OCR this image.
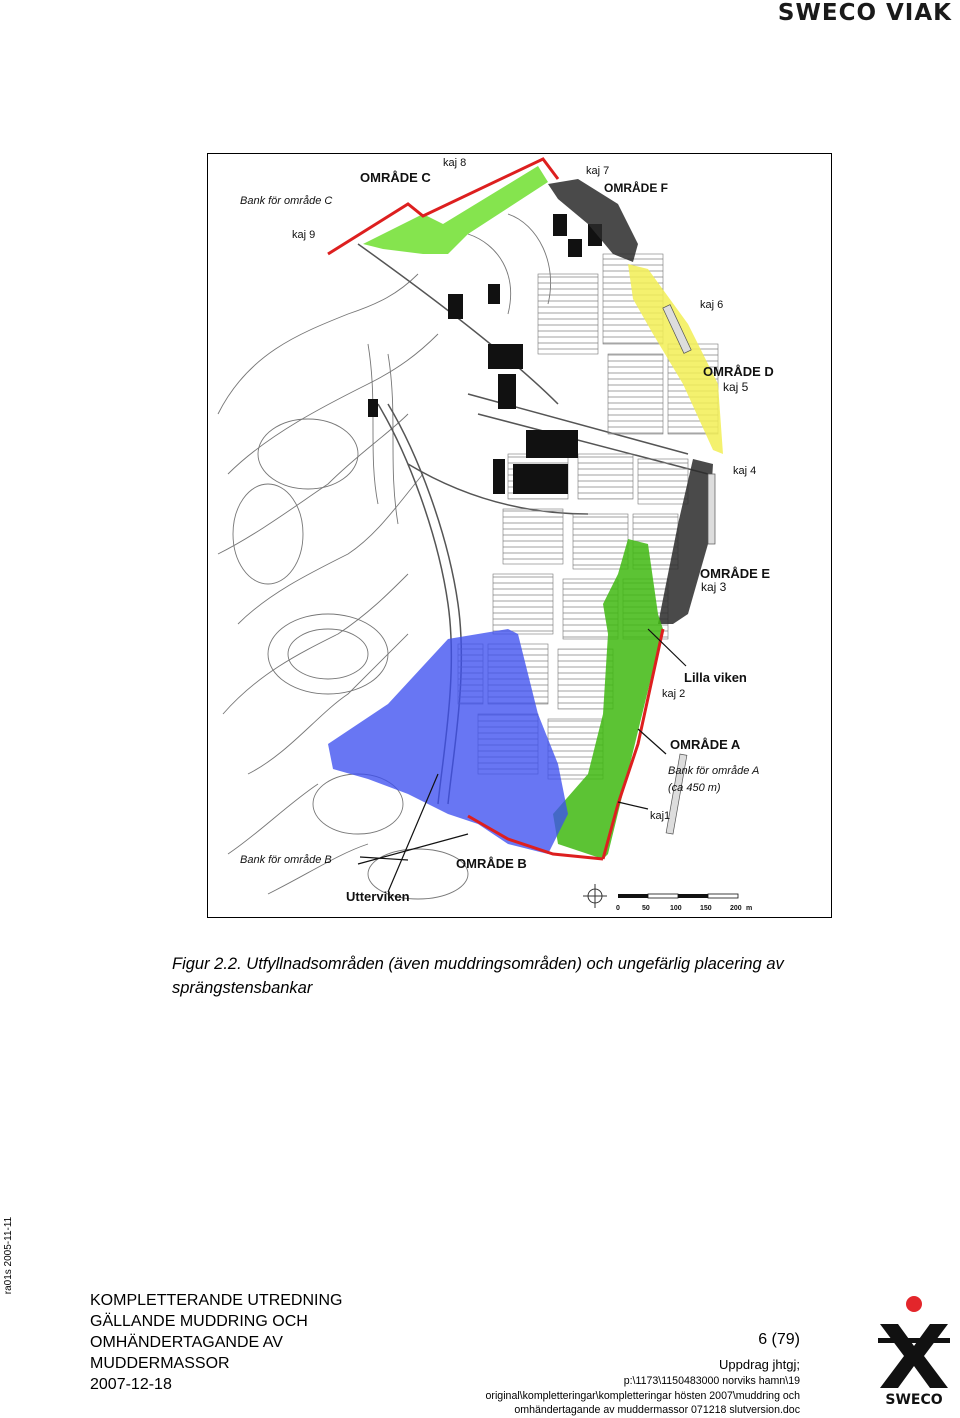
SWECO VIAK
OMRÅDE C
kaj 8
kaj 7
OMRÅDE F
Bank för område C
kaj 9
kaj 6
OMRÅDE D
kaj 5
kaj 4
OMRÅDE E
kaj 3
Lilla viken
kaj 2
OMRÅDE A
Bank för område A
(ca 450 m)
kaj1
Bank för område B	OMRÅDE B
Utterviken
0	50	100	150	200 m
Figur 2.2. Utfyllnadsområden (även muddringsområden) och ungefärlig placering av
sprängstensbankar
ra01s 2005-11-11
KOMPLETTERANDE UTREDNING
GÄLLANDE MUDDRING OCH
OMHÄNDERTAGANDE AV
MUDDERMASSOR
2007-12-18
6 (79)
Uppdrag jhtgj;
p:\1173\1150483000 norviks hamn\19
original\kompletteringar\kompletteringar hösten 2007\muddring och
omhändertagande av muddermassor 071218 slutversion.doc
SWECO
